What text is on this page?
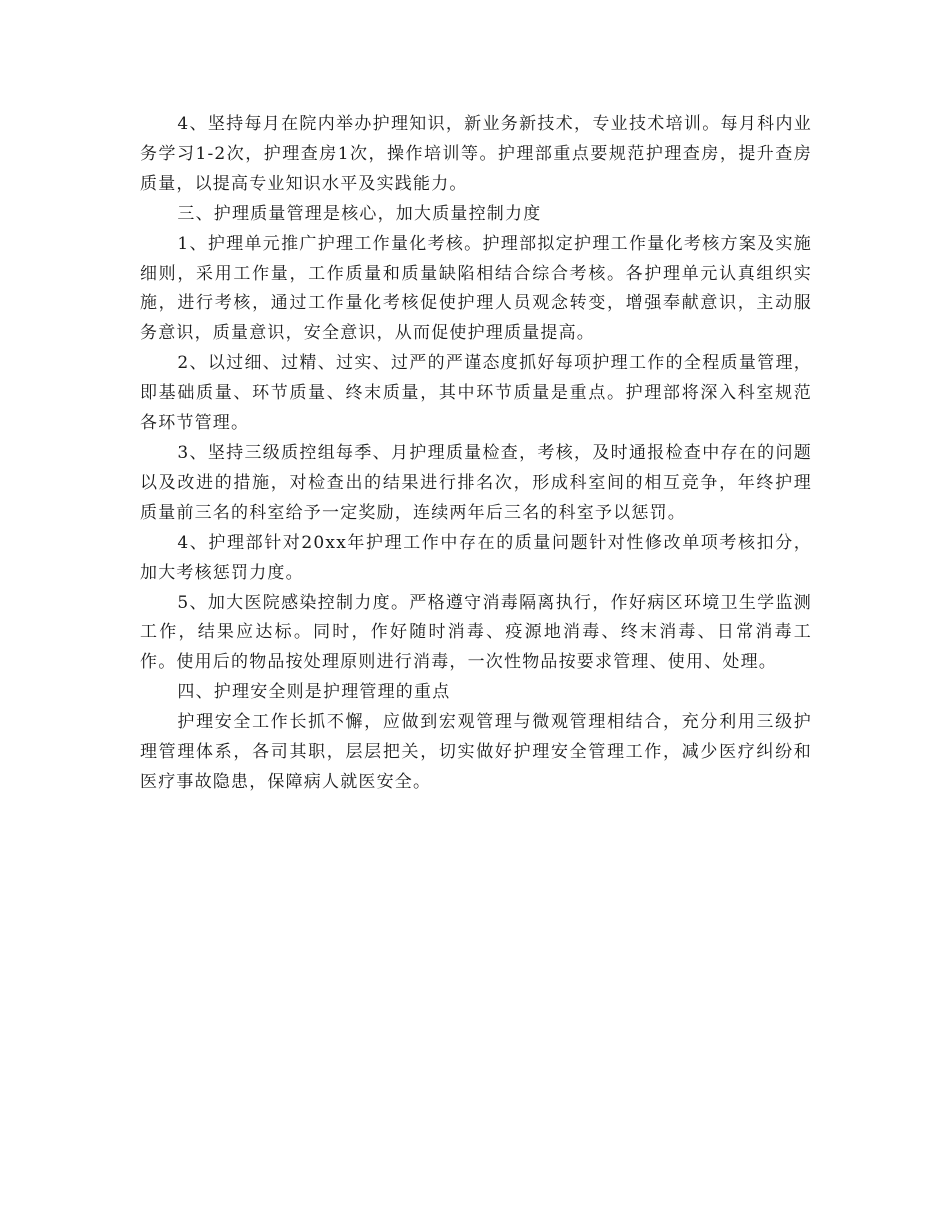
4、坚持每月在院内举办护理知识，新业务新技术，专业技术培训。每月科内业务学习1-2次，护理查房1次，操作培训等。护理部重点要规范护理查房，提升查房质量，以提高专业知识水平及实践能力。

三、护理质量管理是核心，加大质量控制力度

1、护理单元推广护理工作量化考核。护理部拟定护理工作量化考核方案及实施细则，采用工作量，工作质量和质量缺陷相结合综合考核。各护理单元认真组织实施，进行考核，通过工作量化考核促使护理人员观念转变，增强奉献意识，主动服务意识，质量意识，安全意识，从而促使护理质量提高。

2、以过细、过精、过实、过严的严谨态度抓好每项护理工作的全程质量管理，即基础质量、环节质量、终末质量，其中环节质量是重点。护理部将深入科室规范各环节管理。

3、坚持三级质控组每季、月护理质量检查，考核，及时通报检查中存在的问题以及改进的措施，对检查出的结果进行排名次，形成科室间的相互竞争，年终护理质量前三名的科室给予一定奖励，连续两年后三名的科室予以惩罚。

4、护理部针对20xx年护理工作中存在的质量问题针对性修改单项考核扣分，加大考核惩罚力度。

5、加大医院感染控制力度。严格遵守消毒隔离执行，作好病区环境卫生学监测工作，结果应达标。同时，作好随时消毒、疫源地消毒、终末消毒、日常消毒工作。使用后的物品按处理原则进行消毒，一次性物品按要求管理、使用、处理。

四、护理安全则是护理管理的重点

护理安全工作长抓不懈，应做到宏观管理与微观管理相结合，充分利用三级护理管理体系，各司其职，层层把关，切实做好护理安全管理工作，减少医疗纠纷和医疗事故隐患，保障病人就医安全。
